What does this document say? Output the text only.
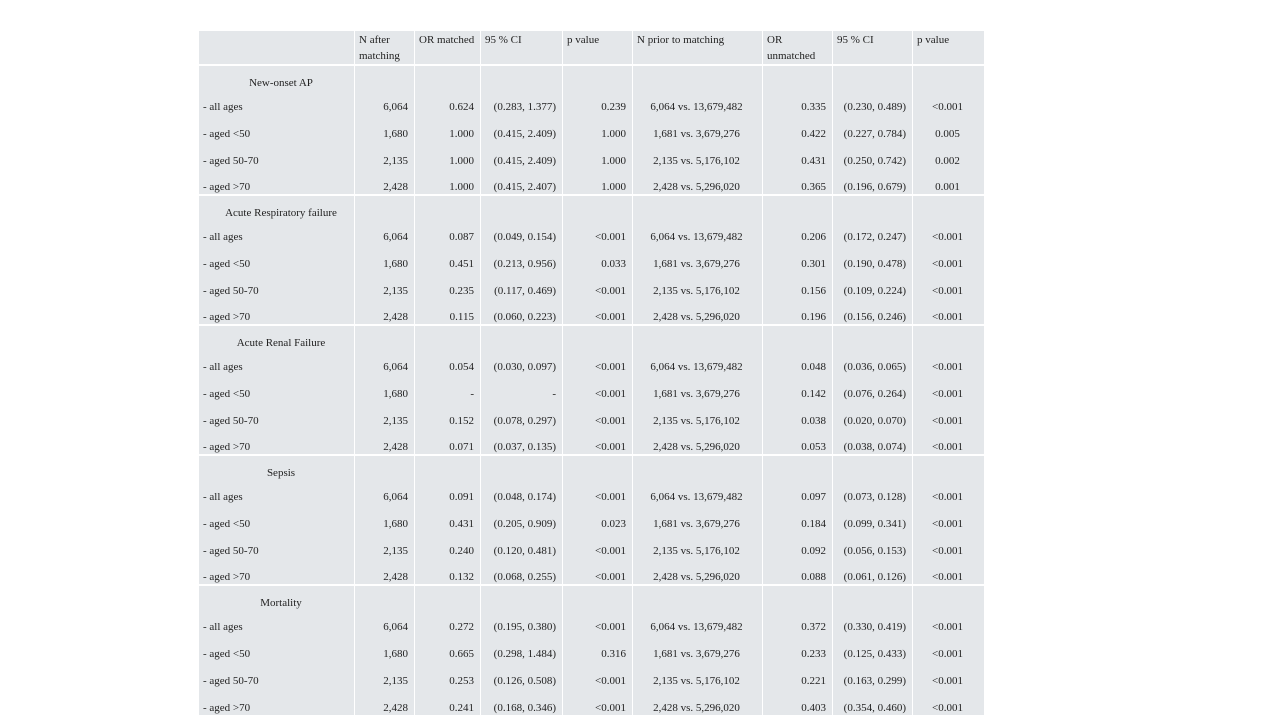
	N after matching	OR matched	95 % CI	p value	N prior to matching	OR unmatched	95 % CI	p value

New-onset AP
- all ages	6,064	0.624	(0.283, 1.377)	0.239	6,064 vs. 13,679,482	0.335	(0.230, 0.489)	<0.001
- aged <50	1,680	1.000	(0.415, 2.409)	1.000	1,681 vs. 3,679,276	0.422	(0.227, 0.784)	0.005
- aged 50-70	2,135	1.000	(0.415, 2.409)	1.000	2,135 vs. 5,176,102	0.431	(0.250, 0.742)	0.002
- aged >70	2,428	1.000	(0.415, 2.407)	1.000	2,428 vs. 5,296,020	0.365	(0.196, 0.679)	0.001

Acute Respiratory failure
- all ages	6,064	0.087	(0.049, 0.154)	<0.001	6,064 vs. 13,679,482	0.206	(0.172, 0.247)	<0.001
- aged <50	1,680	0.451	(0.213, 0.956)	0.033	1,681 vs. 3,679,276	0.301	(0.190, 0.478)	<0.001
- aged 50-70	2,135	0.235	(0.117, 0.469)	<0.001	2,135 vs. 5,176,102	0.156	(0.109, 0.224)	<0.001
- aged >70	2,428	0.115	(0.060, 0.223)	<0.001	2,428 vs. 5,296,020	0.196	(0.156, 0.246)	<0.001

Acute Renal Failure
- all ages	6,064	0.054	(0.030, 0.097)	<0.001	6,064 vs. 13,679,482	0.048	(0.036, 0.065)	<0.001
- aged <50	1,680	-	-	<0.001	1,681 vs. 3,679,276	0.142	(0.076, 0.264)	<0.001
- aged 50-70	2,135	0.152	(0.078, 0.297)	<0.001	2,135 vs. 5,176,102	0.038	(0.020, 0.070)	<0.001
- aged >70	2,428	0.071	(0.037, 0.135)	<0.001	2,428 vs. 5,296,020	0.053	(0.038, 0.074)	<0.001

Sepsis
- all ages	6,064	0.091	(0.048, 0.174)	<0.001	6,064 vs. 13,679,482	0.097	(0.073, 0.128)	<0.001
- aged <50	1,680	0.431	(0.205, 0.909)	0.023	1,681 vs. 3,679,276	0.184	(0.099, 0.341)	<0.001
- aged 50-70	2,135	0.240	(0.120, 0.481)	<0.001	2,135 vs. 5,176,102	0.092	(0.056, 0.153)	<0.001
- aged >70	2,428	0.132	(0.068, 0.255)	<0.001	2,428 vs. 5,296,020	0.088	(0.061, 0.126)	<0.001

Mortality
- all ages	6,064	0.272	(0.195, 0.380)	<0.001	6,064 vs. 13,679,482	0.372	(0.330, 0.419)	<0.001
- aged <50	1,680	0.665	(0.298, 1.484)	0.316	1,681 vs. 3,679,276	0.233	(0.125, 0.433)	<0.001
- aged 50-70	2,135	0.253	(0.126, 0.508)	<0.001	2,135 vs. 5,176,102	0.221	(0.163, 0.299)	<0.001
- aged >70	2,428	0.241	(0.168, 0.346)	<0.001	2,428 vs. 5,296,020	0.403	(0.354, 0.460)	<0.001
